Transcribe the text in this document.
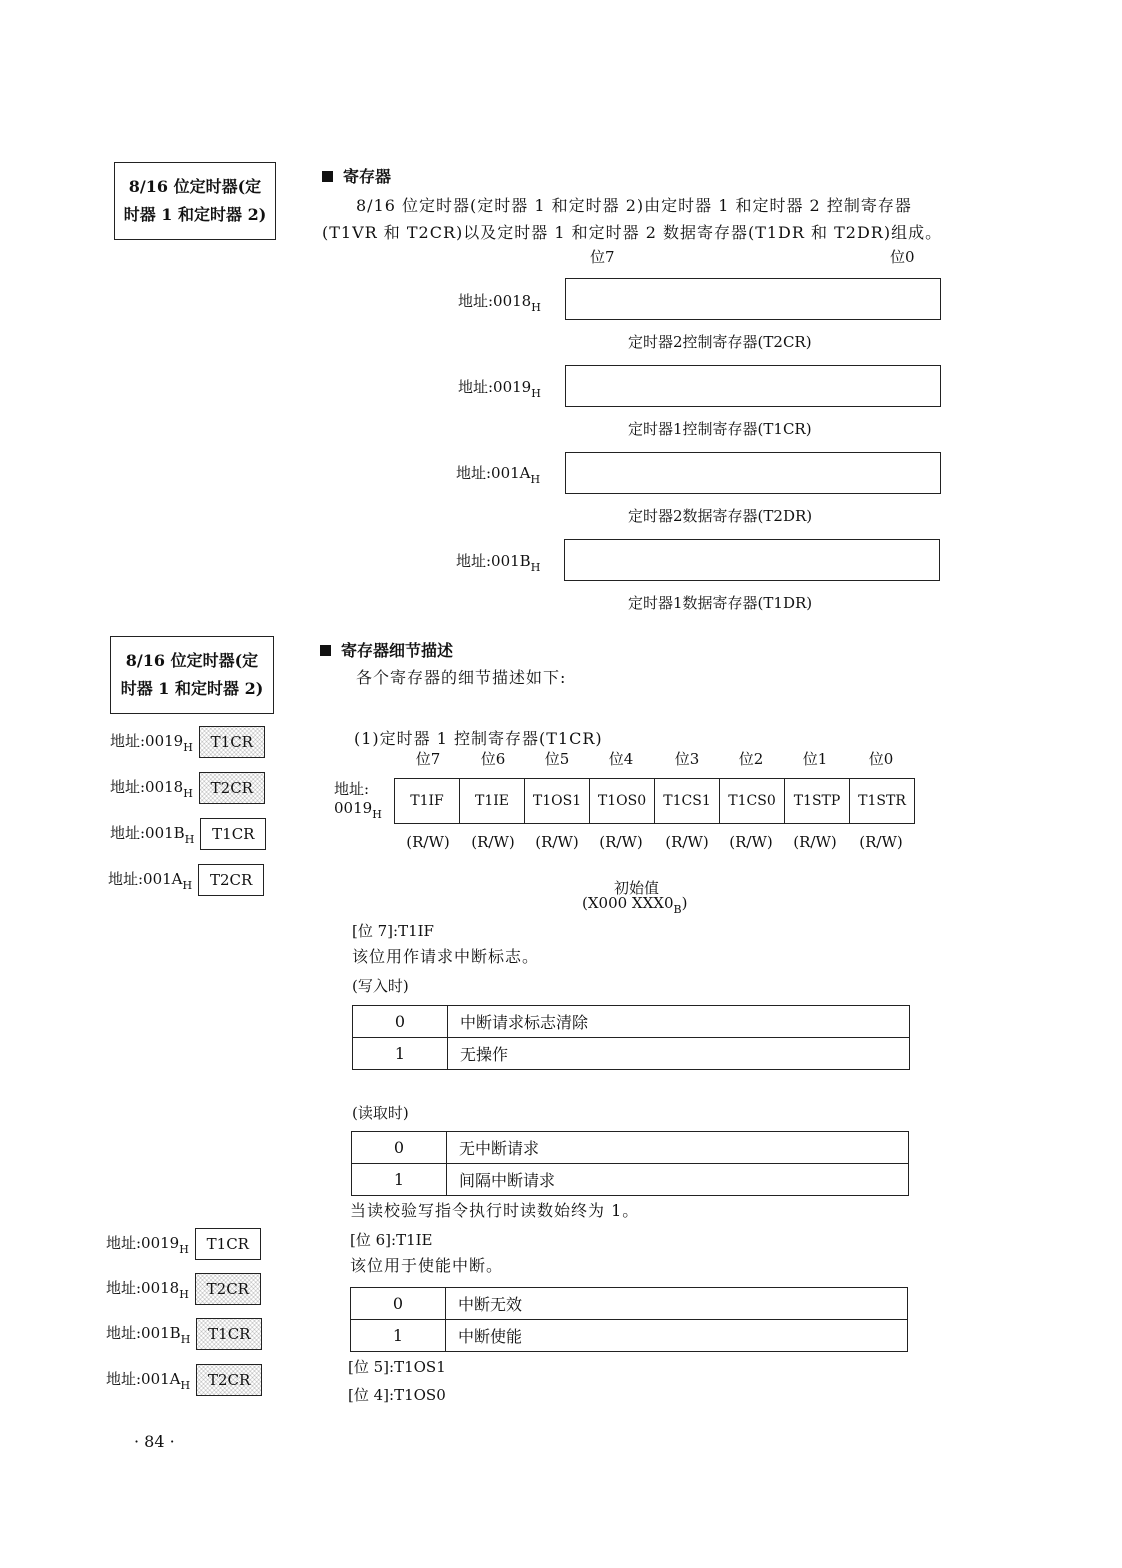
8/16 位定时器(定
时器 1 和定时器 2)
寄存器
8/16 位定时器(定时器 1 和定时器 2)由定时器 1 和定时器 2 控制寄存器
(T1VR 和 T2CR)以及定时器 1 和定时器 2 数据寄存器(T1DR 和 T2DR)组成。
位7	位0
地址$:0018_H$
定时器2控制寄存器(T2CR)
地址$:0019_H$
定时器1控制寄存器(T1CR)
地址$:001A_H$
定时器2数据寄存器(T2DR)
地址$:001B_H$
定时器1数据寄存器(T1DR)
8/16 位定时器(定
时器 1 和定时器 2)
地址$:0019_H$	T1CR
地址$:0018_H$	T2CR
地址$:001B_H$	T1CR
地址$:001A_H$	T2CR
寄存器细节描述
各个寄存器的细节描述如下:
(1)定时器 1 控制寄存器(T1CR)
位7	位6	位5	位4	位3	位2	位1	位0
地址:
$0019_H$
T1IF	T1IE	T1OS1	T1OS0	T1CS1	T1CS0	T1STP	T1STR
(R/W)	(R/W)	(R/W)	(R/W)	(R/W)	(R/W)	(R/W)	(R/W)
初始值
(X000 $XXX0_B$)
[位 7]:T1IF
该位用作请求中断标志。
(写入时)
0	中断请求标志清除
1	无操作
(读取时)
0	无中断请求
1	间隔中断请求
当读校验写指令执行时读数始终为 1。
[位 6]:T1IE
该位用于使能中断。
0	中断无效
1	中断使能
[位 5]:T1OS1
[位 4]:T1OS0
地址$:0019_H$	T1CR
地址$:0018_H$	T2CR
地址$:001B_H$	T1CR
地址$:001A_H$	T2CR
· 84 ·
